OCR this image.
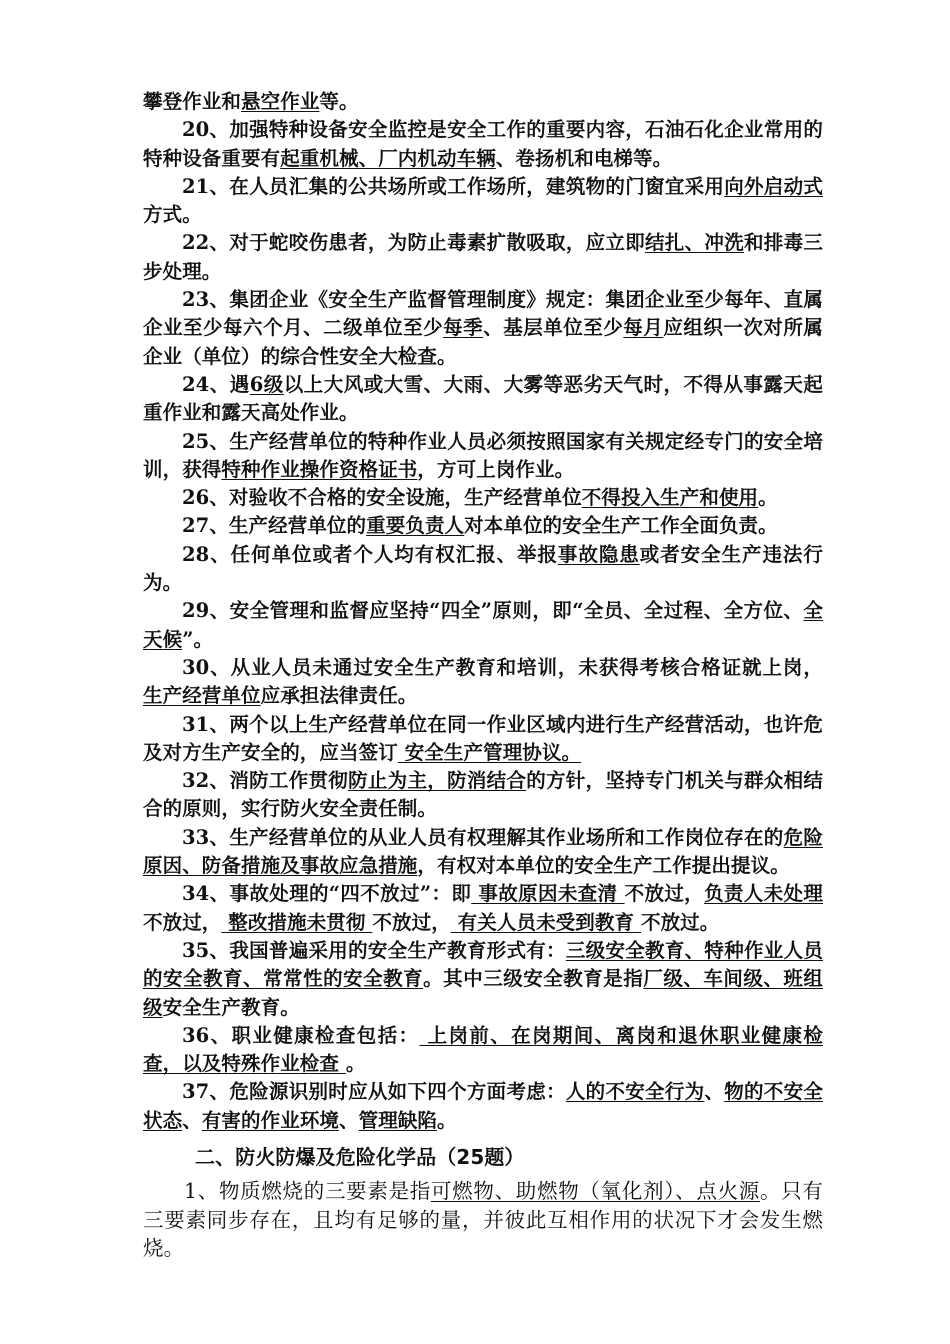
攀登作业和悬空作业等。

20、加强特种设备安全监控是安全工作的重要内容，石油石化企业常用的特种设备重要有起重机械、厂内机动车辆、卷扬机和电梯等。

21、在人员汇集的公共场所或工作场所，建筑物的门窗宜采用向外启动式方式。

22、对于蛇咬伤患者，为防止毒素扩散吸取，应立即结扎、冲洗和排毒三步处理。

23、集团企业《安全生产监督管理制度》规定：集团企业至少每年、直属企业至少每六个月、二级单位至少每季、基层单位至少每月应组织一次对所属企业（单位）的综合性安全大检查。

24、遇6级以上大风或大雪、大雨、大雾等恶劣天气时，不得从事露天起重作业和露天高处作业。

25、生产经营单位的特种作业人员必须按照国家有关规定经专门的安全培训，获得特种作业操作资格证书，方可上岗作业。

26、对验收不合格的安全设施，生产经营单位不得投入生产和使用。

27、生产经营单位的重要负责人对本单位的安全生产工作全面负责。

28、任何单位或者个人均有权汇报、举报事故隐患或者安全生产违法行为。

29、安全管理和监督应坚持“四全”原则，即“全员、全过程、全方位、全天候”。

30、从业人员未通过安全生产教育和培训，未获得考核合格证就上岗， 生产经营单位应承担法律责任。

31、两个以上生产经营单位在同一作业区域内进行生产经营活动，也许危及对方生产安全的，应当签订 安全生产管理协议。

32、消防工作贯彻防止为主，防消结合的方针，坚持专门机关与群众相结合的原则，实行防火安全责任制。

33、生产经营单位的从业人员有权理解其作业场所和工作岗位存在的危险原因、防备措施及事故应急措施，有权对本单位的安全生产工作提出提议。

34、事故处理的“四不放过”：即 事故原因未查清 不放过，负责人未处理 不放过， 整改措施未贯彻 不放过， 有关人员未受到教育 不放过。

35、我国普遍采用的安全生产教育形式有：三级安全教育、特种作业人员的安全教育、常常性的安全教育。其中三级安全教育是指厂级、车间级、班组级安全生产教育。

36、职业健康检查包括： 上岗前、在岗期间、离岗和退休职业健康检查，以及特殊作业检查 。

37、危险源识别时应从如下四个方面考虑：人的不安全行为、物的不安全状态、有害的作业环境、管理缺陷。

二、防火防爆及危险化学品（25题）

1、物质燃烧的三要素是指可燃物、助燃物（氧化剂）、点火源。只有三要素同步存在，且均有足够的量，并彼此互相作用的状况下才会发生燃烧。
